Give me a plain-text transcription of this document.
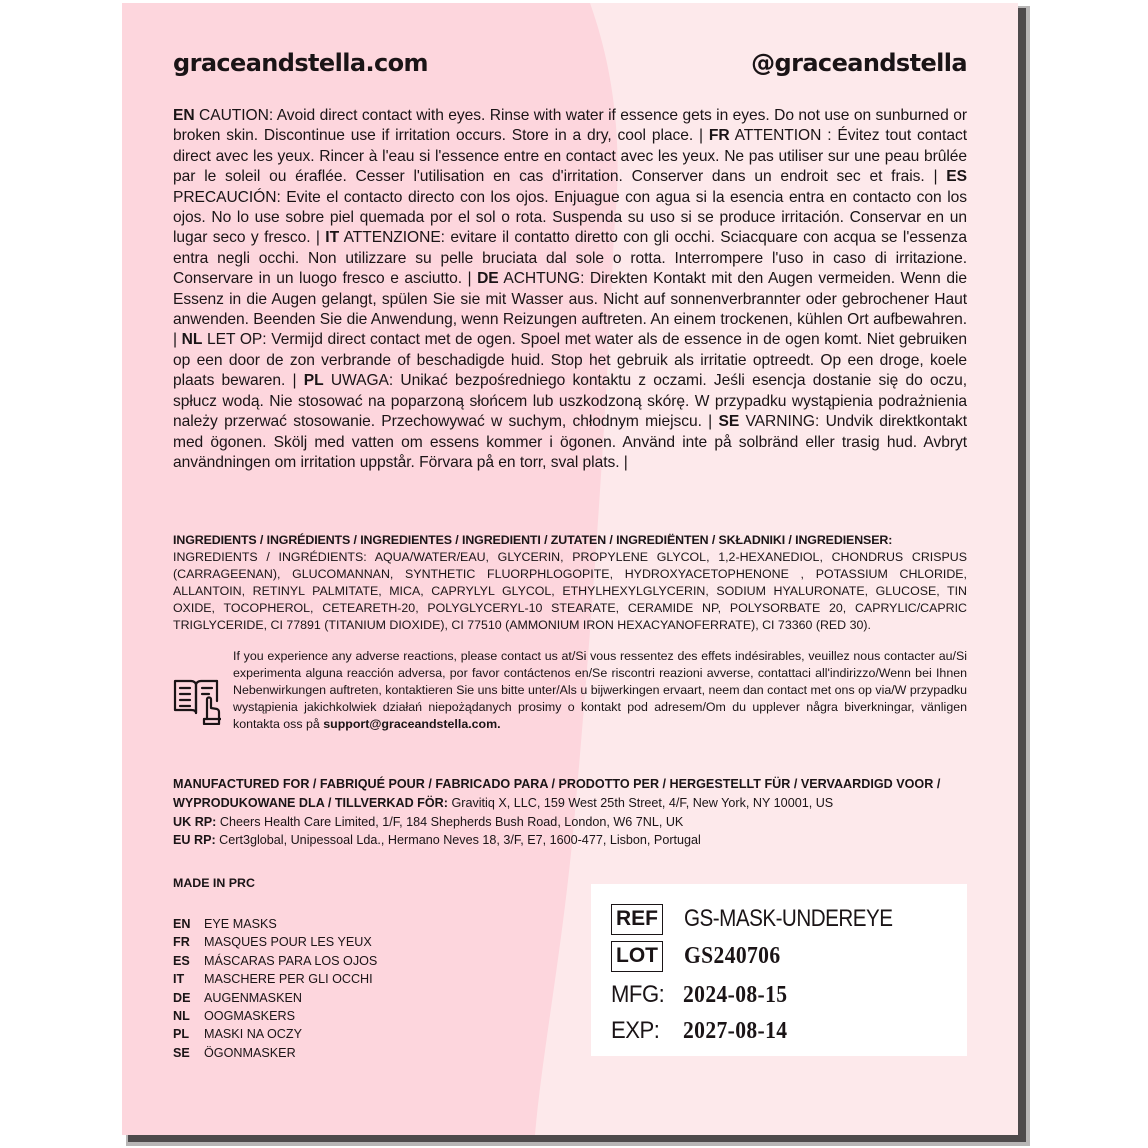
graceandstella.com	@graceandstella
EN CAUTION: Avoid direct contact with eyes. Rinse with water if essence gets in eyes. Do not use on sunburned or broken skin. Discontinue use if irritation occurs. Store in a dry, cool place. | FR ATTENTION : Évitez tout contact direct avec les yeux. Rincer à l'eau si l'essence entre en contact avec les yeux. Ne pas utiliser sur une peau brûlée par le soleil ou éraflée. Cesser l'utilisation en cas d'irritation. Conserver dans un endroit sec et frais. | ES PRECAUCIÓN: Evite el contacto directo con los ojos. Enjuague con agua si la esencia entra en contacto con los ojos. No lo use sobre piel quemada por el sol o rota. Suspenda su uso si se produce irritación. Conservar en un lugar seco y fresco. | IT ATTENZIONE: evitare il contatto diretto con gli occhi. Sciacquare con acqua se l'essenza entra negli occhi. Non utilizzare su pelle bruciata dal sole o rotta. Interrompere l'uso in caso di irritazione. Conservare in un luogo fresco e asciutto. | DE ACHTUNG: Direkten Kontakt mit den Augen vermeiden. Wenn die Essenz in die Augen gelangt, spülen Sie sie mit Wasser aus. Nicht auf sonnenverbrannter oder gebrochener Haut anwenden. Beenden Sie die Anwendung, wenn Reizungen auftreten. An einem trockenen, kühlen Ort aufbewahren. | NL LET OP: Vermijd direct contact met de ogen. Spoel met water als de essence in de ogen komt. Niet gebruiken op een door de zon verbrande of beschadigde huid. Stop het gebruik als irritatie optreedt. Op een droge, koele plaats bewaren. | PL UWAGA: Unikać bezpośredniego kontaktu z oczami. Jeśli esencja dostanie się do oczu, spłucz wodą. Nie stosować na poparzoną słońcem lub uszkodzoną skórę. W przypadku wystąpienia podrażnienia należy przerwać stosowanie. Przechowywać w suchym, chłodnym miejscu. | SE VARNING: Undvik direktkontakt med ögonen. Skölj med vatten om essens kommer i ögonen. Använd inte på solbränd eller trasig hud. Avbryt användningen om irritation uppstår. Förvara på en torr, sval plats. |
INGREDIENTS / INGRÉDIENTS / INGREDIENTES / INGREDIENTI / ZUTATEN / INGREDIËNTEN / SKŁADNIKI / INGREDIENSER:
INGREDIENTS / INGRÉDIENTS: AQUA/WATER/EAU, GLYCERIN, PROPYLENE GLYCOL, 1,2-HEXANEDIOL, CHONDRUS CRISPUS (CARRAGEENAN), GLUCOMANNAN, SYNTHETIC FLUORPHLOGOPITE, HYDROXYACETOPHENONE , POTASSIUM CHLORIDE, ALLANTOIN, RETINYL PALMITATE, MICA, CAPRYLYL GLYCOL, ETHYLHEXYLGLYCERIN, SODIUM HYALURONATE, GLUCOSE, TIN OXIDE, TOCOPHEROL, CETEARETH-20, POLYGLYCERYL-10 STEARATE, CERAMIDE NP, POLYSORBATE 20, CAPRYLIC/CAPRIC TRIGLYCERIDE, CI 77891 (TITANIUM DIOXIDE), CI 77510 (AMMONIUM IRON HEXACYANOFERRATE), CI 73360 (RED 30).
If you experience any adverse reactions, please contact us at/Si vous ressentez des effets indésirables, veuillez nous contacter au/Si experimenta alguna reacción adversa, por favor contáctenos en/Se riscontri reazioni avverse, contattaci all'indirizzo/Wenn bei Ihnen Nebenwirkungen auftreten, kontaktieren Sie uns bitte unter/Als u bijwerkingen ervaart, neem dan contact met ons op via/W przypadku wystąpienia jakichkolwiek działań niepożądanych prosimy o kontakt pod adresem/Om du upplever några biverkningar, vänligen kontakta oss på support@graceandstella.com.
MANUFACTURED FOR / FABRIQUÉ POUR / FABRICADO PARA / PRODOTTO PER / HERGESTELLT FÜR / VERVAARDIGD VOOR /
WYPRODUKOWANE DLA / TILLVERKAD FÖR: Gravitiq X, LLC, 159 West 25th Street, 4/F, New York, NY 10001, US
UK RP: Cheers Health Care Limited, 1/F, 184 Shepherds Bush Road, London, W6 7NL, UK
EU RP: Cert3global, Unipessoal Lda., Hermano Neves 18, 3/F, E7, 1600-477, Lisbon, Portugal
MADE IN PRC
EN	EYE MASKS
FR	MASQUES POUR LES YEUX
ES	MÁSCARAS PARA LOS OJOS
IT	MASCHERE PER GLI OCCHI
DE	AUGENMASKEN
NL	OOGMASKERS
PL	MASKI NA OCZY
SE	ÖGONMASKER
REF GS-MASK-UNDEREYE
LOT GS240706
MFG: 2024-08-15
EXP: 2027-08-14
